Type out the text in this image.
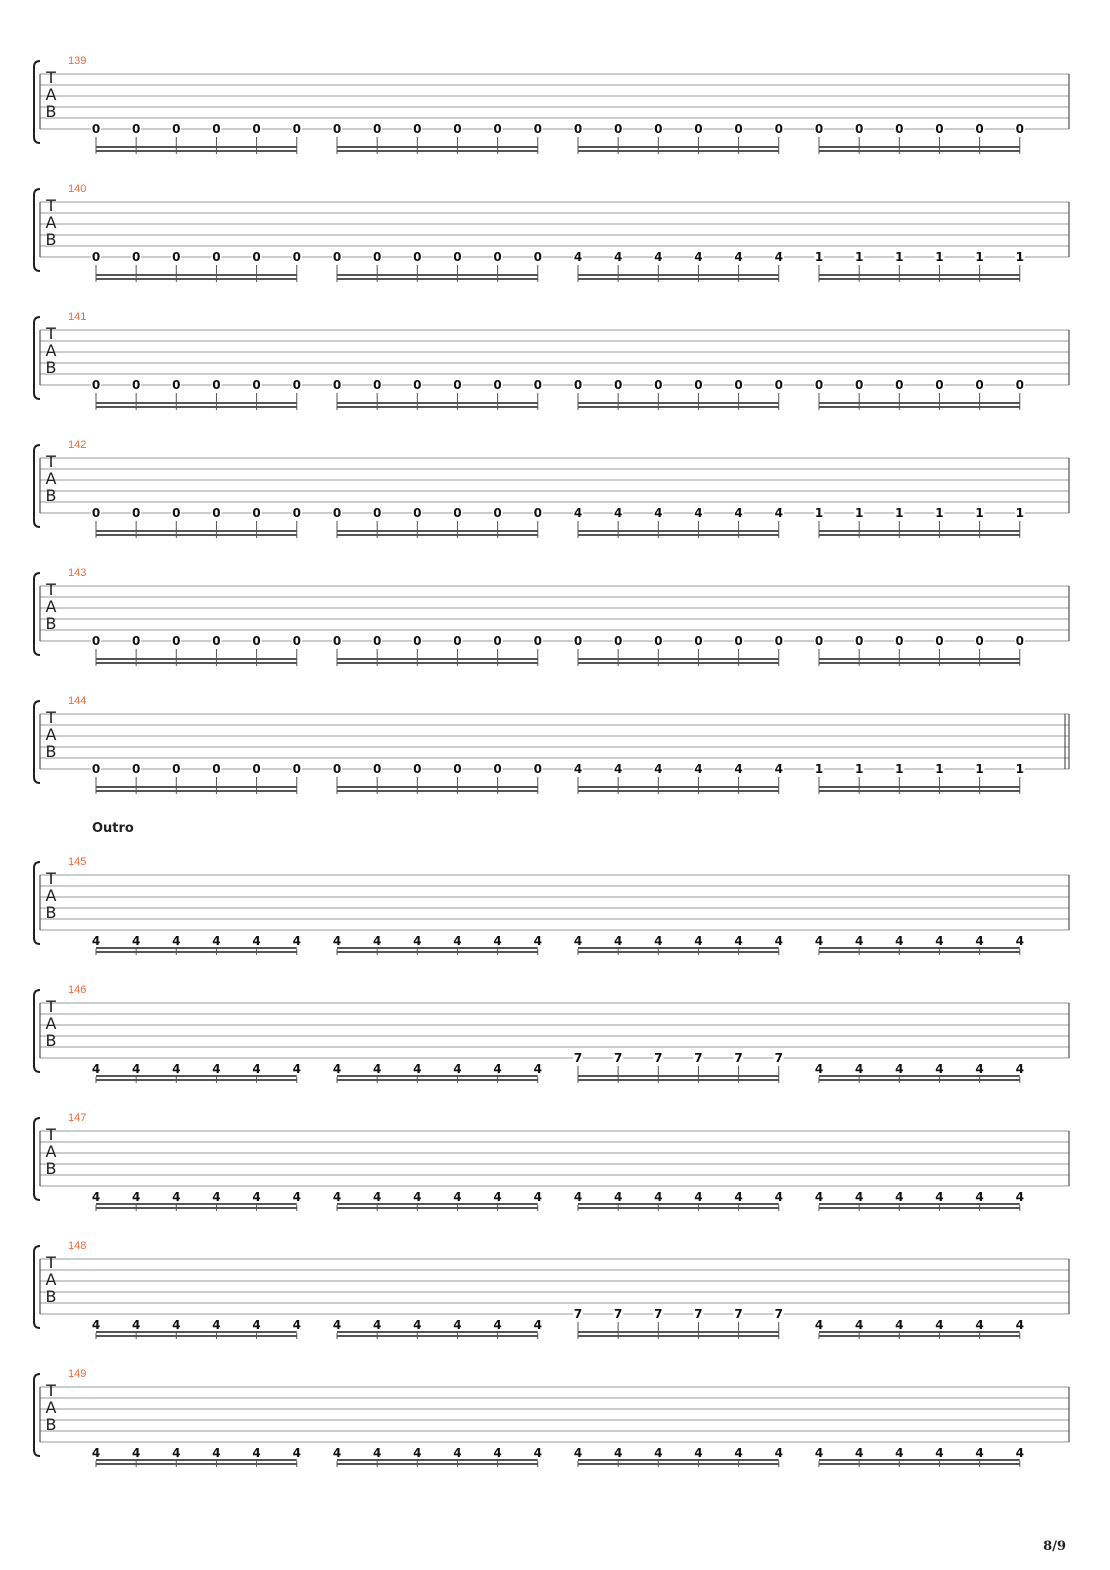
Outro
139
T
A
B
0	0	0	0	0	0	0	0	0	0	0	0	0	0	0	0	0	0	0	0	0	0	0	0
140
T
A
B
0	0	0	0	0	0	0	0	0	0	0	0	4	4	4	4	4	4	1	1	1	1	1	1
141
T
A
B
0	0	0	0	0	0	0	0	0	0	0	0	0	0	0	0	0	0	0	0	0	0	0	0
142
T
A
B
0	0	0	0	0	0	0	0	0	0	0	0	4	4	4	4	4	4	1	1	1	1	1	1
143
T
A
B
0	0	0	0	0	0	0	0	0	0	0	0	0	0	0	0	0	0	0	0	0	0	0	0
144
T
A
B
0	0	0	0	0	0	0	0	0	0	0	0	4	4	4	4	4	4	1	1	1	1	1	1
145
T
A
B
4	4	4	4	4	4	4	4	4	4	4	4	4	4	4	4	4	4	4	4	4	4	4	4
146
T
A
B
4	4	4	4	4	4	4	4	4	4	4	4
7	7	7	7	7	7
4	4	4	4	4	4
147
T
A
B
4	4	4	4	4	4	4	4	4	4	4	4	4	4	4	4	4	4	4	4	4	4	4	4
148
T
A
B
4	4	4	4	4	4	4	4	4	4	4	4
7	7	7	7	7	7
4	4	4	4	4	4
149
T
A
B
4	4	4	4	4	4	4	4	4	4	4	4	4	4	4	4	4	4	4	4	4	4	4	4
8/9
